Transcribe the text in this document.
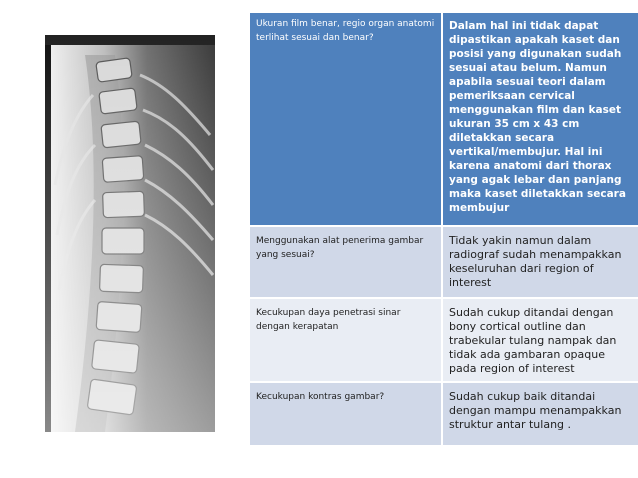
Ukuran film benar, regio organ anatomi terlihat sesuai dan benar?
Dalam hal ini tidak dapat dipastikan apakah kaset dan posisi yang digunakan sudah sesuai atau belum. Namun apabila sesuai teori dalam pemeriksaan cervical menggunakan film dan kaset ukuran 35 cm x 43 cm diletakkan secara vertikal/membujur. Hal ini karena anatomi dari thorax yang agak lebar dan panjang maka kaset diletakkan secara membujur
Menggunakan alat penerima gambar yang sesuai?
Tidak yakin namun dalam radiograf sudah menampakkan keseluruhan dari region of interest
Kecukupan daya penetrasi sinar dengan kerapatan
Sudah cukup ditandai dengan bony cortical outline dan trabekular tulang nampak dan tidak ada gambaran opaque pada region of interest
Kecukupan kontras gambar?	Sudah cukup baik ditandai dengan mampu menampakkan struktur antar tulang .
